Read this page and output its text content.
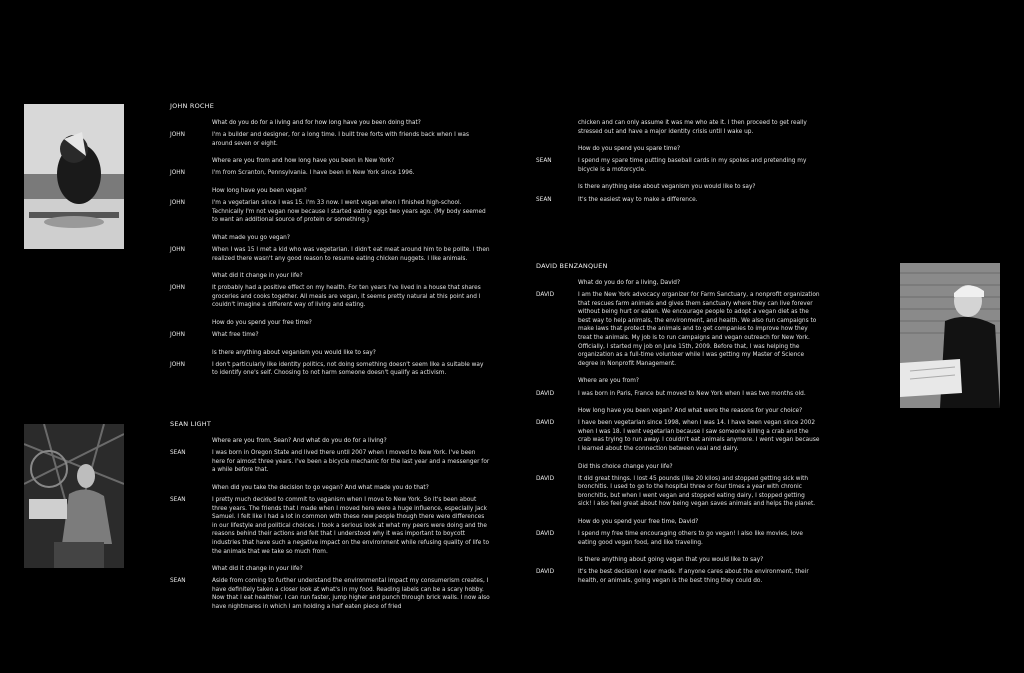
JOHN ROCHE
What do you do for a living and for how long have you been doing that?
JOHN	I'm a builder and designer, for a long time. I built tree forts with friends back when I was around seven or eight.
Where are you from and how long have you been in New York?
JOHN	I'm from Scranton, Pennsylvania. I have been in New York since 1996.
How long have you been vegan?
JOHN	I'm a vegetarian since I was 15. I'm 33 now. I went vegan when I finished high-school. Technically I'm not vegan now because I started eating eggs two years ago. (My body seemed to want an additional source of protein or something.)
What made you go vegan?
JOHN	When I was 15 I met a kid who was vegetarian. I didn't eat meat around him to be polite. I then realized there wasn't any good reason to resume eating chicken nuggets. I like animals.
What did it change in your life?
JOHN	It probably had a positive effect on my health. For ten years I've lived in a house that shares groceries and cooks together. All meals are vegan, it seems pretty natural at this point and I couldn't imagine a different way of living and eating.
How do you spend your free time?
JOHN	What free time?
Is there anything about veganism you would like to say?
JOHN	I don't particularly like identity politics, not doing something doesn't seem like a suitable way to identify one's self. Choosing to not harm someone doesn't qualify as activism.
SEAN LIGHT
Where are you from, Sean? And what do you do for a living?
SEAN	I was born in Oregon State and lived there until 2007 when I moved to New York. I've been here for almost three years. I've been a bicycle mechanic for the last year and a messenger for a while before that.
When did you take the decision to go vegan? And what made you do that?
SEAN	I pretty much decided to commit to veganism when I move to New York. So it's been about three years. The friends that I made when I moved here were a huge influence, especially Jack Samuel. I felt like I had a lot in common with these new people though there were differences in our lifestyle and political choices. I took a serious look at what my peers were doing and the reasons behind their actions and felt that I understood why it was important to boycott industries that have such a negative impact on the environment while refusing quality of life to the animals that we take so much from.
What did it change in your life?
SEAN	Aside from coming to further understand the environmental impact my consumerism creates, I have definitely taken a closer look at what's in my food. Reading labels can be a scary hobby. Now that I eat healthier, I can run faster, jump higher and punch through brick walls. I now also have nightmares in which I am holding a half eaten piece of fried
chicken and can only assume it was me who ate it. I then proceed to get really stressed out and have a major identity crisis until I wake up.
How do you spend you spare time?
SEAN	I spend my spare time putting baseball cards in my spokes and pretending my bicycle is a motorcycle.
Is there anything else about veganism you would like to say?
SEAN	It's the easiest way to make a difference.
DAVID BENZANQUEN
What do you do for a living, David?
DAVID	I am the New York advocacy organizer for Farm Sanctuary, a nonprofit organization that rescues farm animals and gives them sanctuary where they can live forever without being hurt or eaten. We encourage people to adopt a vegan diet as the best way to help animals, the environment, and health. We also run campaigns to make laws that protect the animals and to get companies to improve how they treat the animals. My job is to run campaigns and vegan outreach for New York. Officially, I started my job on June 15th, 2009. Before that, I was helping the organization as a full-time volunteer while I was getting my Master of Science degree in Nonprofit Management.
Where are you from?
DAVID	I was born in Paris, France but moved to New York when I was two months old.
How long have you been vegan? And what were the reasons for your choice?
DAVID	I have been vegetarian since 1998, when I was 14. I have been vegan since 2002 when I was 18. I went vegetarian because I saw someone killing a crab and the crab was trying to run away. I couldn't eat animals anymore. I went vegan because I learned about the connection between veal and dairy.
Did this choice change your life?
DAVID	It did great things. I lost 45 pounds (like 20 kilos) and stopped getting sick with bronchitis. I used to go to the hospital three or four times a year with chronic bronchitis, but when I went vegan and stopped eating dairy, I stopped getting sick! I also feel great about how being vegan saves animals and helps the planet.
How do you spend your free time, David?
DAVID	I spend my free time encouraging others to go vegan! I also like movies, love eating good vegan food, and like traveling.
Is there anything about going vegan that you would like to say?
DAVID	It's the best decision I ever made. If anyone cares about the environment, their health, or animals, going vegan is the best thing they could do.
